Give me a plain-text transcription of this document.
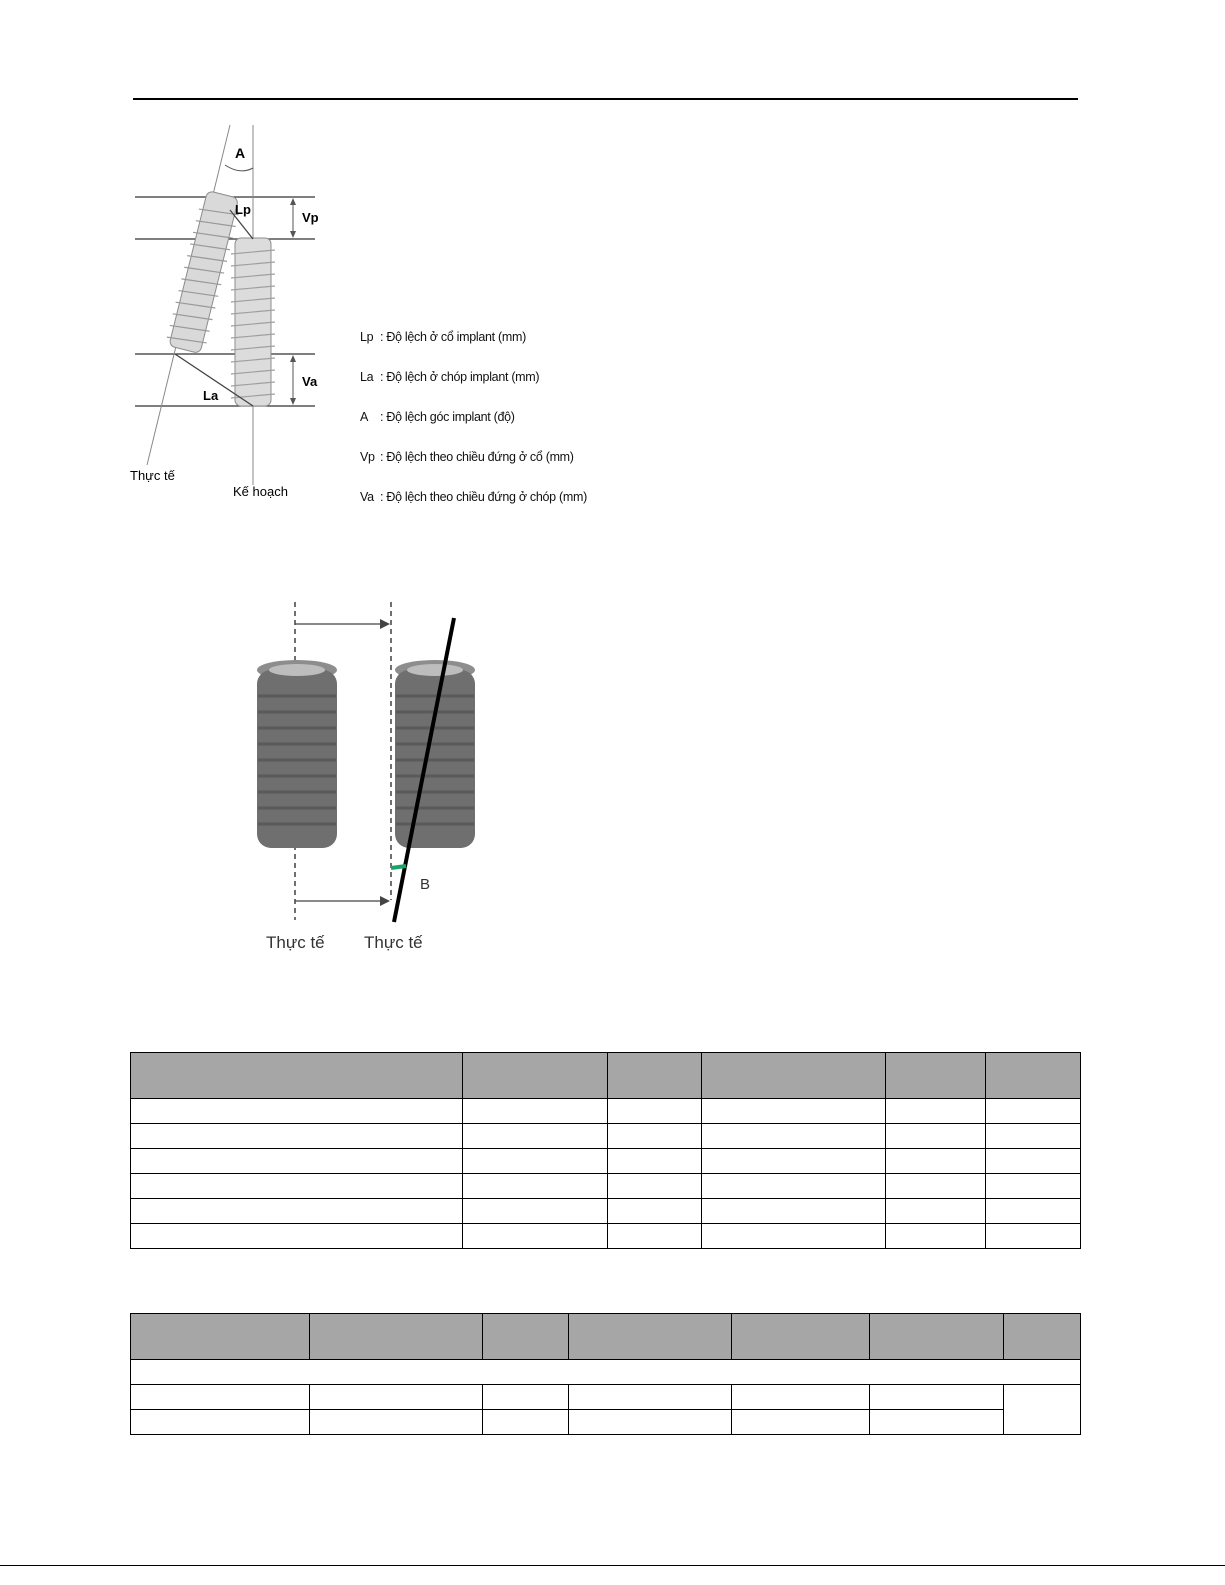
A
Lp
Vp
Va
La
Thực tế
Kế hoạch
Lp : Độ lệch ở cổ implant (mm)
La : Độ lệch ở chóp implant (mm)
A : Độ lệch góc implant (độ)
Vp : Độ lệch theo chiều đứng ở cổ (mm)
Va : Độ lệch theo chiều đứng ở chóp (mm)
B
Thực tế Thực tế
